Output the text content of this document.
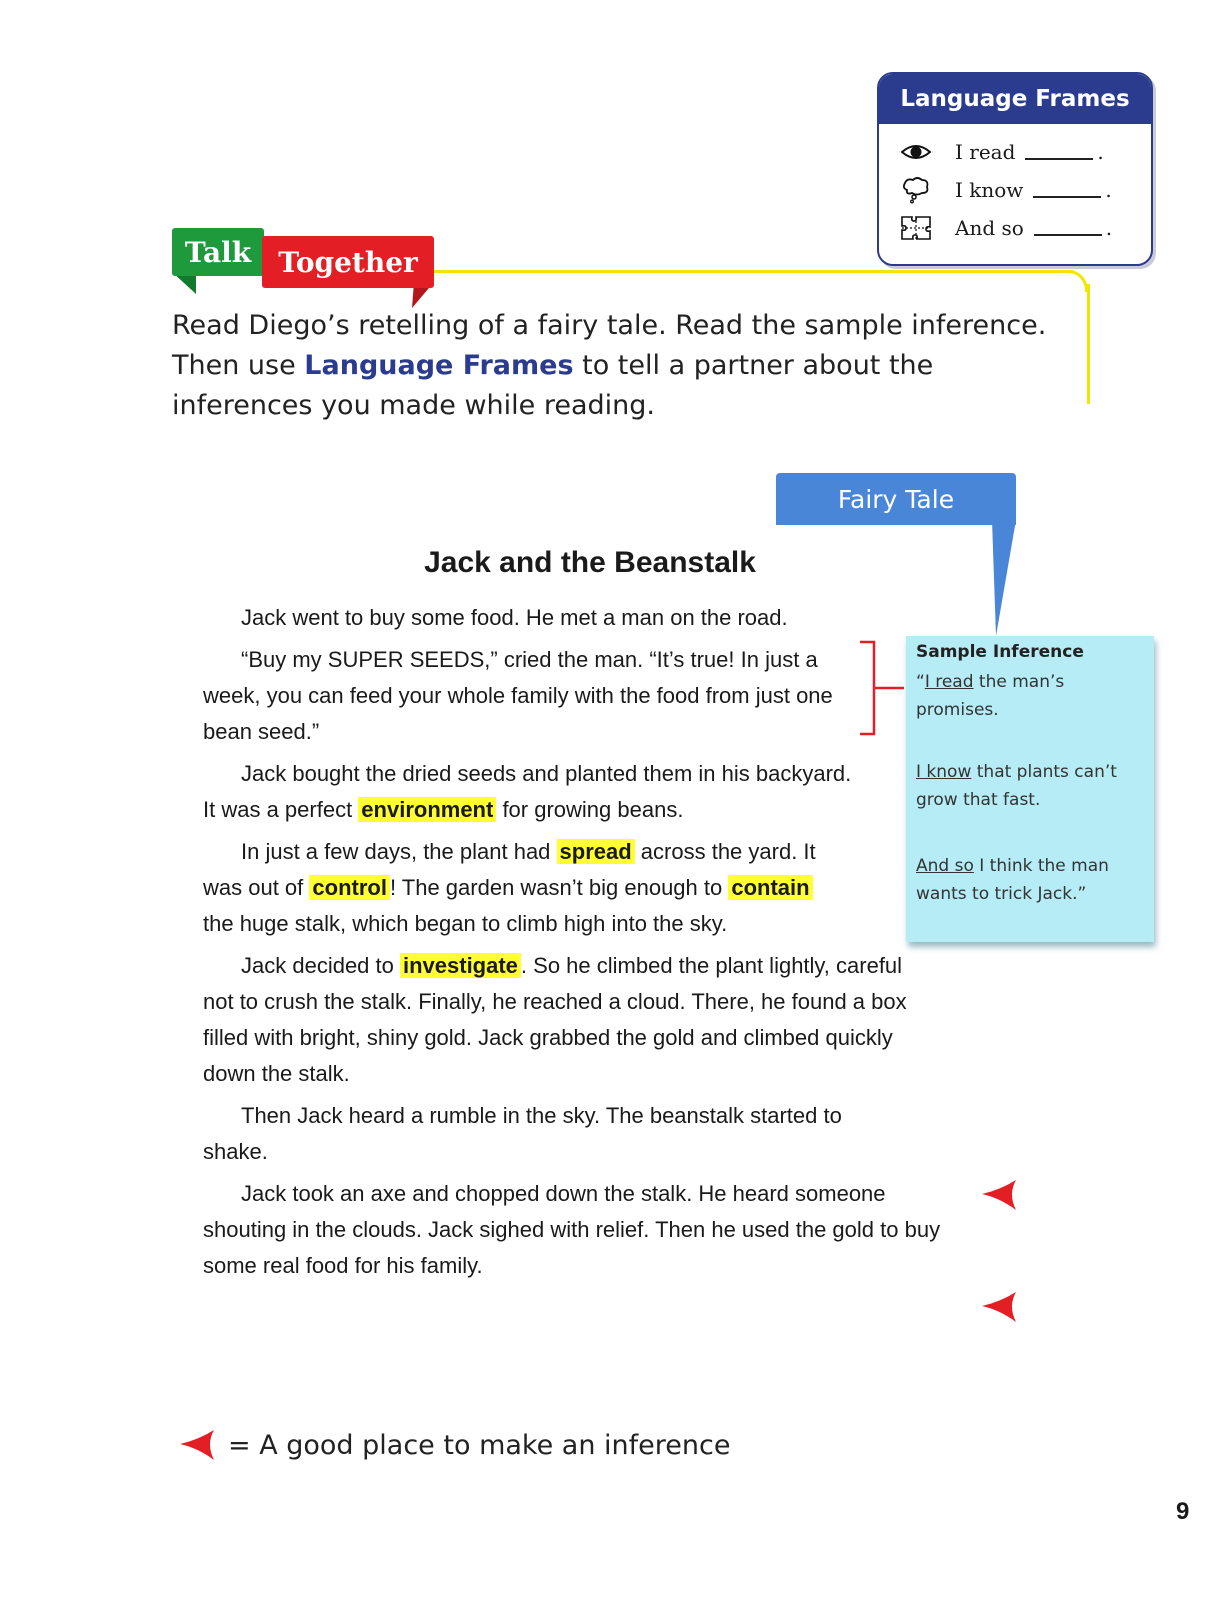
Language Frames
I read	.
I know	.
And so	.
Talk Together
Read Diego’s retelling of a fairy tale. Read the sample inference. Then use Language Frames to tell a partner about the inferences you made while reading.
Fairy Tale
Jack and the Beanstalk

Jack went to buy some food. He met a man on the road.

“Buy my SUPER SEEDS,” cried the man. “It’s true! In just a week, you can feed your whole family with the food from just one bean seed.”

Jack bought the dried seeds and planted them in his backyard. It was a perfect environment for growing beans.

In just a few days, the plant had spread across the yard. It was out of control ! The garden wasn’t big enough to contain the huge stalk, which began to climb high into the sky.

Jack decided to investigate . So he climbed the plant lightly, careful not to crush the stalk. Finally, he reached a cloud. There, he found a box filled with bright, shiny gold. Jack grabbed the gold and climbed quickly down the stalk.

Then Jack heard a rumble in the sky. The beanstalk started to shake.

Jack took an axe and chopped down the stalk. He heard someone shouting in the clouds. Jack sighed with relief. Then he used the gold to buy some real food for his family.

Sample Inference
“I read the man’s promises.
I know that plants can’t grow that fast.
And so I think the man wants to trick Jack.”
= A good place to make an inference
9
